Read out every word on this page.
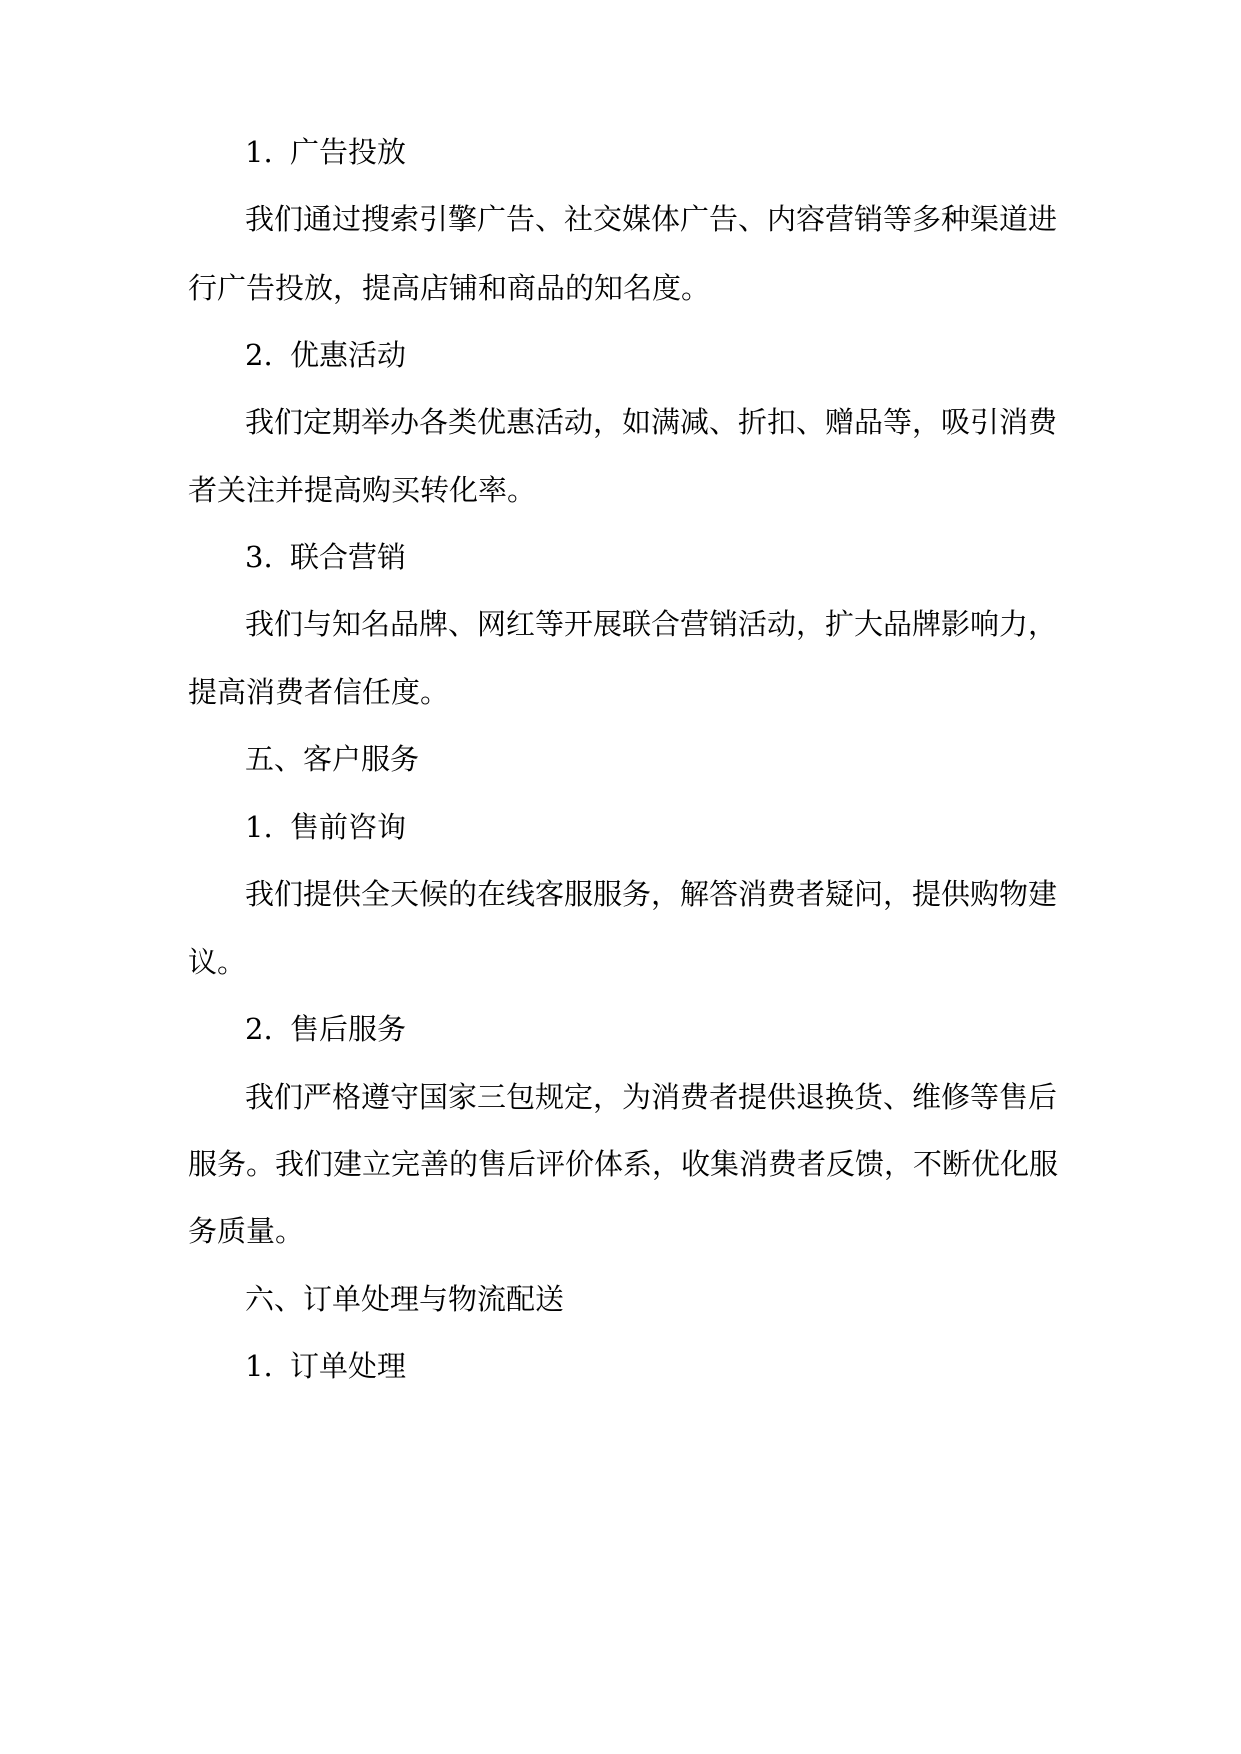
1. 广告投放

我们通过搜索引擎广告、社交媒体广告、内容营销等多种渠道进

行广告投放，提高店铺和商品的知名度。

2. 优惠活动

我们定期举办各类优惠活动，如满减、折扣、赠品等，吸引消费

者关注并提高购买转化率。

3. 联合营销

我们与知名品牌、网红等开展联合营销活动，扩大品牌影响力，

提高消费者信任度。

五、客户服务
1. 售前咨询

我们提供全天候的在线客服服务，解答消费者疑问，提供购物建

议。

2. 售后服务

我们严格遵守国家三包规定，为消费者提供退换货、维修等售后

服务。我们建立完善的售后评价体系，收集消费者反馈，不断优化服

务质量。

六、订单处理与物流配送
1. 订单处理
